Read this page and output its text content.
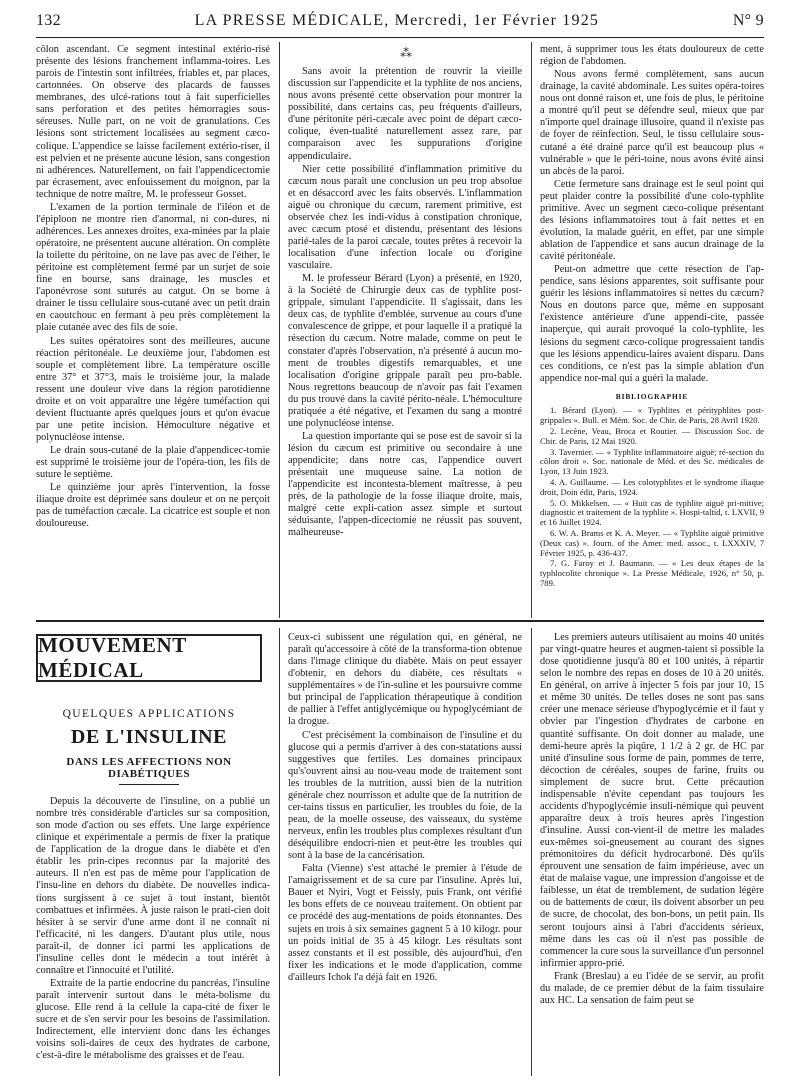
132	LA PRESSE MÉDICALE, Mercredi, 1er Février 1925	N° 9

côlon ascendant. Ce segment intestinal extério-risé présente des lésions franchement inflamma-toires. Les parois de l'intestin sont infiltrées, friables et, par places, cartonnées. On observe des placards de fausses membranes, des ulcé-rations tout à fait superficielles sans perforation et des petites hémorragies sous-séreuses. Nulle part, on ne voit de granulations. Ces lésions sont strictement localisées au segment cæco-colique. L'appendice se laisse facilement extério-riser, il est pelvien et ne présente aucune lésion, sans congestion ni adhérences. Naturellement, on fait l'appendicectomie par écrasement, avec enfouissement du moignon, par la technique de notre maître, M. le professeur Gosset.

L'examen de la portion terminale de l'iléon et de l'épiploon ne montre rien d'anormal, ni con-dures, ni adhérences. Les annexes droites, exa-minées par la plaie opératoire, ne présentent aucune altération. On complète la toilette du péritoine, on ne lave pas avec de l'éther, le péritoine est complètement fermé par un surjet de soie fine en bourse, sans drainage, les muscles et l'aponévrose sont suturés au catgut. On se borne à drainer le tissu cellulaire sous-cutané avec un petit drain en caoutchouc en fermant à peu près complètement la plaie cutanée avec des fils de soie.

Les suites opératoires sont des meilleures, aucune réaction péritonéale. Le deuxième jour, l'abdomen est souple et complètement libre. La température oscille entre 37° et 37°3, mais le troisième jour, la malade ressent une douleur vive dans la région parotidienne droite et on voit apparaître une légère tuméfaction qui devient fluctuante après quelques jours et qu'on évacue par une petite incision. Hémoculture négative et polynucléose intense.

Le drain sous-cutané de la plaie d'appendicec-tomie est supprimé le troisième jour de l'opéra-tion, les fils de suture le septième.

Le quinzième jour après l'intervention, la fosse iliaque droite est déprimée sans douleur et on ne perçoit pas de tuméfaction cæcale. La cicatrice est souple et non douloureuse.

⁂

Sans avoir la prétention de rouvrir la vieille discussion sur l'appendicite et la typhlite de nos anciens, nous avons présenté cette observation pour montrer la possibilité, dans certains cas, peu fréquents d'ailleurs, d'une péritonite péri-cæcale avec point de départ cæco-colique, éven-tualité naturellement assez rare, par comparaison avec les suppurations d'origine appendiculaire.

Nier cette possibilité d'inflammation primitive du cæcum nous paraît une conclusion un peu trop absolue et en désaccord avec les faits observés. L'inflammation aiguë ou chronique du cæcum, rarement primitive, est observée chez les indi-vidus à constipation chronique, avec cæcum ptosé et distendu, présentant des lésions parié-tales de la paroi cæcale, toutes prêtes à recevoir la localisation d'une infection locale ou d'origine vasculaire.

M. le professeur Bérard (Lyon) a présenté, en 1920, à la Société de Chirurgie deux cas de typhlite post-grippale, simulant l'appendicite. Il s'agissait, dans les deux cas, de typhlite d'emblée, survenue au cours d'une convalescence de grippe, et pour laquelle il a pratiqué la résection du cæcum. Notre malade, comme on peut le constater d'après l'observation, n'a présenté à aucun mo-ment de troubles digestifs remarquables, et une localisation d'origine grippale paraît peu pro-bable. Nous regrettons beaucoup de n'avoir pas fait l'examen du pus trouvé dans la cavité périto-néale. L'hémoculture pratiquée a été négative, et l'examen du sang a montré une polynucléose intense.

La question importante qui se pose est de savoir si la lésion du cæcum est primitive ou secondaire à une appendicite; dans notre cas, l'appendice ouvert présentait une muqueuse saine. La notion de l'appendicite est incontesta-blement maîtresse, à peu près, de la pathologie de la fosse iliaque droite, mais, malgré cette expli-cation assez simple et surtout séduisante, l'appen-dicectomie ne réussit pas souvent, malheureuse-

ment, à supprimer tous les états douloureux de cette région de l'abdomen.

Nous avons fermé complètement, sans aucun drainage, la cavité abdominale. Les suites opéra-toires nous ont donné raison et, une fois de plus, le péritoine a montré qu'il peut se défendre seul, mieux que par n'importe quel drainage illusoire, quand il n'existe pas de foyer de réinfection. Seul, le tissu cellulaire sous-cutané a été drainé parce qu'il est beaucoup plus « vulnérable » que le péri-toine, nous avons évité ainsi un abcès de la paroi.

Cette fermeture sans drainage est le seul point qui peut plaider contre la possibilité d'une colo-typhlite primitive. Avec un segment cæco-colique présentant des lésions inflammatoires tout à fait nettes et en évolution, la malade guérit, en effet, par une simple ablation de l'appendice et sans aucun drainage de la cavité péritonéale.

Peut-on admettre que cette résection de l'ap-pendice, sans lésions apparentes, soit suffisante pour guérir les lésions inflammatoires si nettes du cæcum? Nous en doutons parce que, même en supposant l'existence antérieure d'une appendi-cite, passée inaperçue, qui aurait provoqué la colo-typhlite, les lésions du segment cæco-colique progressaient tandis que les lésions appendicu-laires avaient disparu. Dans ces conditions, ce n'est pas la simple ablation d'un appendice nor-mal qui a guéri la malade.

BIBLIOGRAPHIE

1. Bérard (Lyon). — « Typhlites et pérityphlites post-grippales ». Bull. et Mém. Soc. de Chir. de Paris, 28 Avril 1920.

2. Lecène, Veau, Broca et Routier. — Discussion Soc. de Chir. de Paris, 12 Mai 1920.

3. Tavernier. — « Typhlite inflammatoire aiguë; ré-section du côlon droit ». Soc. nationale de Méd. et des Sc. médicales de Lyon, 13 Juin 1923.

4. A. Guillaume. — Les colotyphlites et le syndrome iliaque droit, Doin édit, Paris, 1924.

5. O. Mikkelsen. — « Huit cas de typhlite aiguë pri-mitive; diagnostic et traitement de la typhlite ». Hospi-taltid, t. LXVII, 9 et 16 Juillet 1924.

6. W. A. Brams et K. A. Meyer. — « Typhlite aiguë primitive (Deux cas) ». Journ. of the Amer. med. assoc., t. LXXXIV, 7 Février 1925, p. 436-437.

7. G. Faroy et J. Baumann. — « Les deux étapes de la typhlocolite chronique ». La Presse Médicale, 1926, n° 50, p. 789.

MOUVEMENT MÉDICAL
QUELQUES APPLICATIONS
DE L'INSULINE
DANS LES AFFECTIONS NON DIABÉTIQUES

Depuis la découverte de l'insuline, on a publié un nombre très considérable d'articles sur sa composition, son mode d'action ou ses effets. Une large expérience clinique et expérimentale a permis de fixer la pratique de l'application de la drogue dans le diabète et d'en établir les prin-cipes reconnus par la majorité des auteurs. Il n'en est pas de même pour l'application de l'insu-line en dehors du diabète. De nouvelles indica-tions surgissent à ce sujet à tout instant, bientôt combattues et infirmées. À juste raison le prati-cien doit hésiter à se servir d'une arme dont il ne connaît ni l'efficacité, ni les dangers. D'autant plus utile, nous paraît-il, de donner ici parmi les applications de l'insuline celles dont le médecin a tout intérêt à connaître et l'innocuité et l'utilité.

Extraite de la partie endocrine du pancréas, l'insuline paraît intervenir surtout dans le méta-bolisme du glucose. Elle rend à la cellule la capa-cité de fixer le sucre et de s'en servir pour les besoins de l'assimilation. Indirectement, elle intervient donc dans les échanges voisins soli-daires de ceux des hydrates de carbone, c'est-à-dire le métabolisme des graisses et de l'eau.

Ceux-ci subissent une régulation qui, en général, ne paraît qu'accessoire à côté de la transforma-tion obtenue dans l'image clinique du diabète. Mais on peut essayer d'obtenir, en dehors du diabète, ces résultats « supplémentaires » de l'in-suline et les poursuivre comme but principal de l'application thérapeutique à condition de pallier à l'effet antiglycémique ou hypoglycémiant de la drogue.

C'est précisément la combinaison de l'insuline et du glucose qui a permis d'arriver à des con-statations aussi suggestives que fertiles. Les domaines principaux qu's'ouvrent ainsi au nou-veau mode de traitement sont les troubles de la nutrition, aussi bien de la nutrition générale chez nourrisson et adulte que de la nutrition de cer-tains tissus en particulier, les troubles du foie, de la peau, de la moelle osseuse, des vaisseaux, du système nerveux, enfin les troubles plus complexes résultant d'un déséquilibre endocri-nien et peut-être les troubles qui sont à la base de la cancérisation.

Falta (Vienne) s'est attaché le premier à l'étude de l'amaigrissement et de sa cure par l'insuline. Après lui, Bauer et Nyiri, Vogt et Feissly, puis Frank, ont vérifié les bons effets de ce nouveau traitement. On obtient par ce procédé des aug-mentations de poids étonnantes. Des sujets en trois à six semaines gagnent 5 à 10 kilogr. pour un poids initial de 35 à 45 kilogr. Les résultats sont assez constants et il est possible, dès aujourd'hui, d'en fixer les indications et le mode d'application, comme d'ailleurs Ichok l'a déjà fait en 1926.

Les premiers auteurs utilisaient au moins 40 unités par vingt-quatre heures et augmen-taient si possible la dose quotidienne jusqu'à 80 et 100 unités, à répartir selon le nombre des repas en doses de 10 à 20 unités. En général, on arrive à injecter 5 fois par jour 10, 15 et même 30 unités. De telles doses ne sont pas sans créer une menace sérieuse d'hypoglycémie et il faut y obvier par l'ingestion d'hydrates de carbone en quantité suffisante. On doit donner au malade, une demi-heure après la piqûre, 1 1/2 à 2 gr. de HC par unité d'insuline sous forme de pain, pommes de terre, décoction de céréales, soupes de farine, fruits ou simplement de sucre brut. Cette précaution indispensable n'évite cependant pas toujours les accidents d'hypoglycémie insuli-némique qui peuvent apparaître deux à trois heures après l'ingestion d'insuline. Aussi con-vient-il de mettre les malades eux-mêmes soi-gneusement au courant des signes prémonitoires du déficit hydrocarboné. Dès qu'ils éprouvent une sensation de faim impérieuse, avec un état de malaise vague, une impression d'angoisse et de faiblesse, un état de tremblement, de sudation légère ou de battements de cœur, ils doivent absorber un peu de sucre, de chocolat, des bon-bons, un petit pain. Ils seront toujours ainsi à l'abri d'accidents sérieux, même dans les cas où il n'est pas possible de commencer la cure sous la surveillance d'un personnel infirmier appro-prié.

Frank (Breslau) a eu l'idée de se servir, au profit du malade, de ce premier début de la faim tissulaire aux HC. La sensation de faim peut se
